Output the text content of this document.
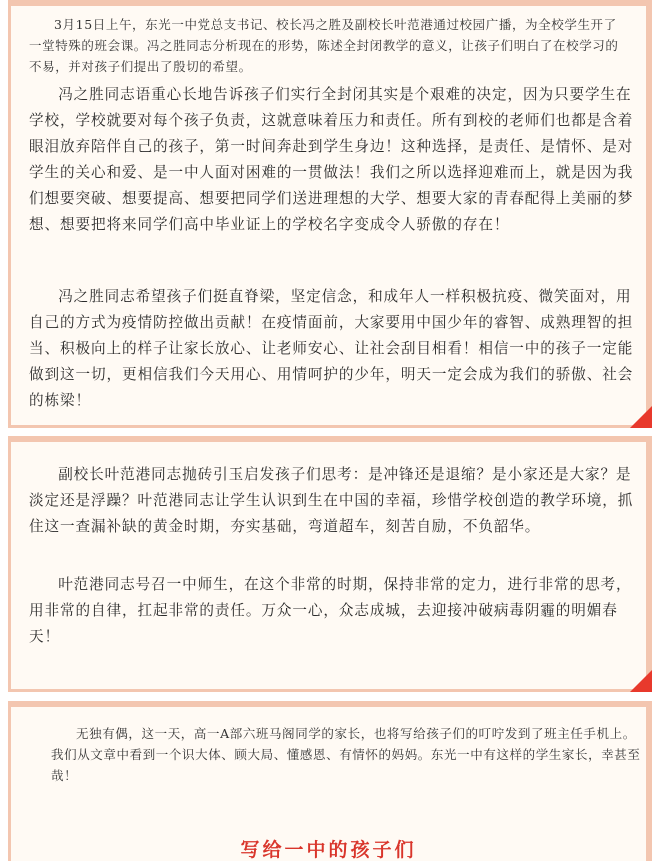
3月15日上午，东光一中党总支书记、校长冯之胜及副校长叶范港通过校园广播，为全校学生开了一堂特殊的班会课。冯之胜同志分析现在的形势，陈述全封闭教学的意义，让孩子们明白了在校学习的不易，并对孩子们提出了殷切的希望。

冯之胜同志语重心长地告诉孩子们实行全封闭其实是个艰难的决定，因为只要学生在学校，学校就要对每个孩子负责，这就意味着压力和责任。所有到校的老师们也都是含着眼泪放弃陪伴自己的孩子，第一时间奔赴到学生身边！这种选择，是责任、是情怀、是对学生的关心和爱、是一中人面对困难的一贯做法！我们之所以选择迎难而上，就是因为我们想要突破、想要提高、想要把同学们送进理想的大学、想要大家的青春配得上美丽的梦想、想要把将来同学们高中毕业证上的学校名字变成令人骄傲的存在！

冯之胜同志希望孩子们挺直脊梁，坚定信念，和成年人一样积极抗疫、微笑面对，用自己的方式为疫情防控做出贡献！在疫情面前，大家要用中国少年的睿智、成熟理智的担当、积极向上的样子让家长放心、让老师安心、让社会刮目相看！相信一中的孩子一定能做到这一切，更相信我们今天用心、用情呵护的少年，明天一定会成为我们的骄傲、社会的栋梁！

副校长叶范港同志抛砖引玉启发孩子们思考：是冲锋还是退缩？是小家还是大家？是淡定还是浮躁？叶范港同志让学生认识到生在中国的幸福，珍惜学校创造的教学环境，抓住这一查漏补缺的黄金时期，夯实基础，弯道超车，刻苦自励，不负韶华。

叶范港同志号召一中师生，在这个非常的时期，保持非常的定力，进行非常的思考，用非常的自律，扛起非常的责任。万众一心，众志成城，去迎接冲破病毒阴霾的明媚春天！

无独有偶，这一天，高一A部六班马阁同学的家长，也将写给孩子们的叮咛发到了班主任手机上。我们从文章中看到一个识大体、顾大局、懂感恩、有情怀的妈妈。东光一中有这样的学生家长，幸甚至哉！

写给一中的孩子们
